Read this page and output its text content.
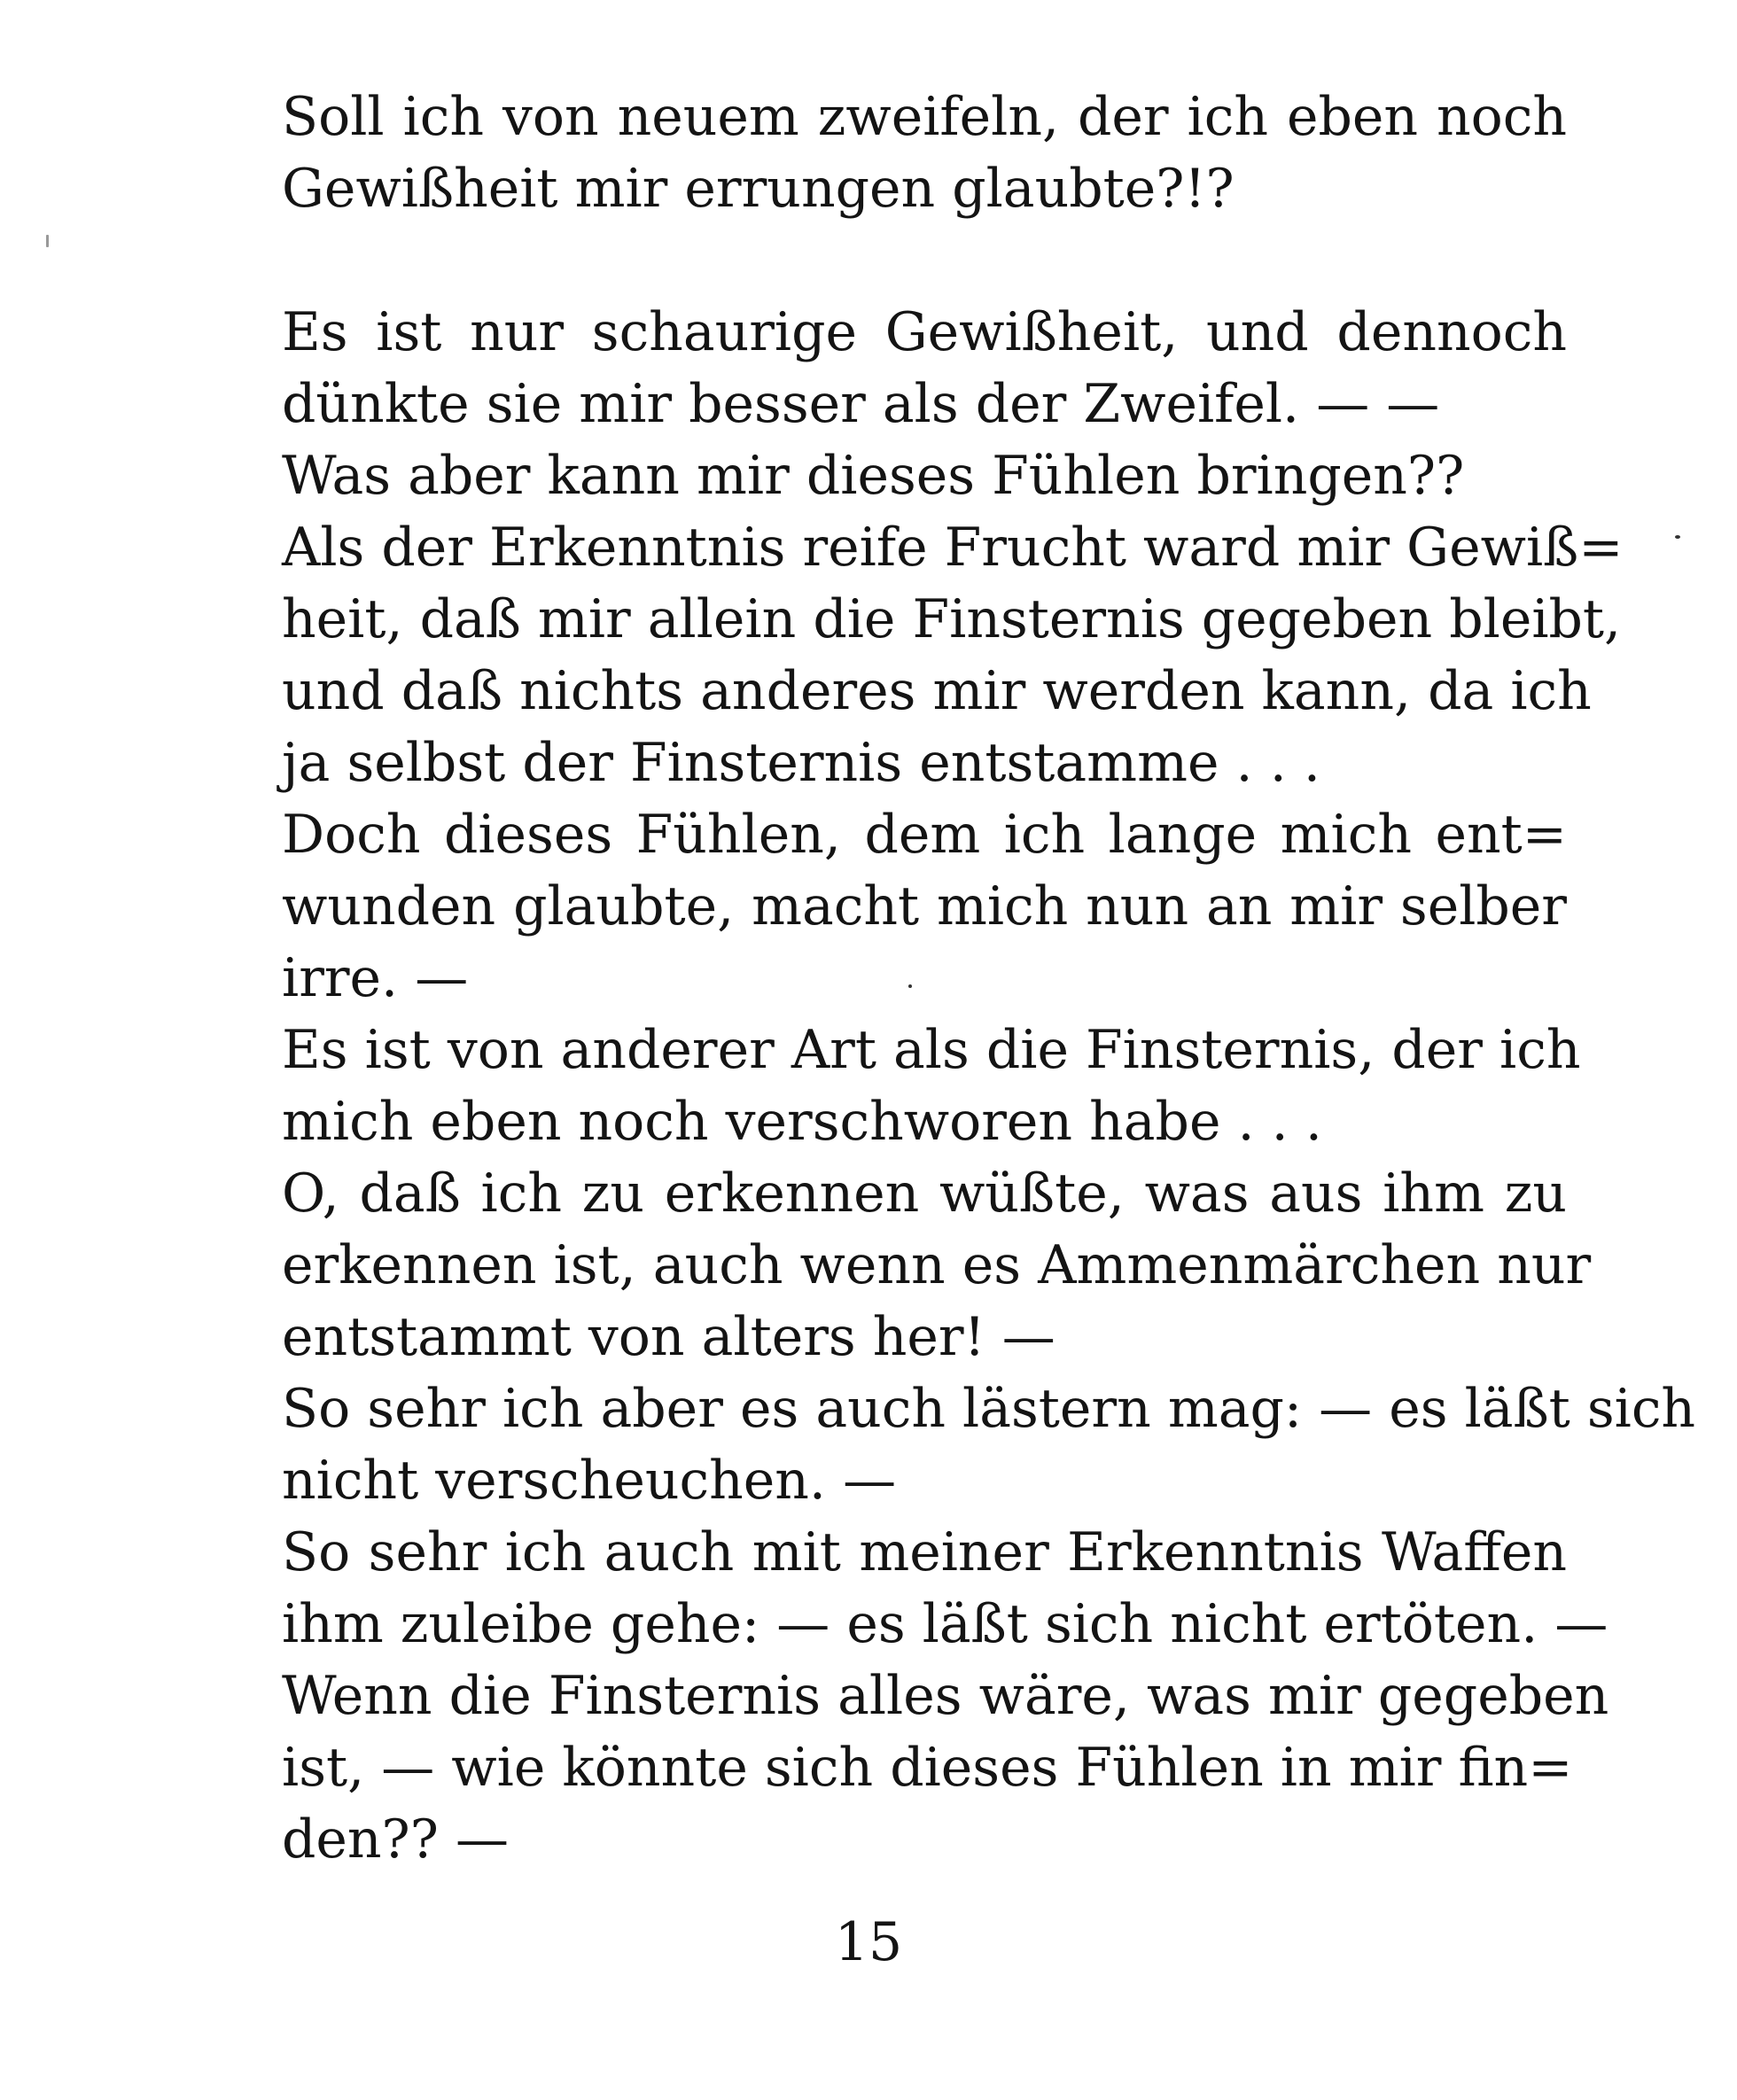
Soll ich von neuem zweifeln, der ich eben noch
Gewißheit mir errungen glaubte?!?
Es ist nur schaurige Gewißheit, und dennoch
dünkte sie mir besser als der Zweifel. — —
Was aber kann mir dieses Fühlen bringen??
Als der Erkenntnis reife Frucht ward mir Gewiß=
heit, daß mir allein die Finsternis gegeben bleibt,
und daß nichts anderes mir werden kann, da ich
ja selbst der Finsternis entstamme . . .
Doch dieses Fühlen, dem ich lange mich ent=
wunden glaubte, macht mich nun an mir selber
irre. —
Es ist von anderer Art als die Finsternis, der ich
mich eben noch verschworen habe . . .
O, daß ich zu erkennen wüßte, was aus ihm zu
erkennen ist, auch wenn es Ammenmärchen nur
entstammt von alters her! —
So sehr ich aber es auch lästern mag: — es läßt sich
nicht verscheuchen. —
So sehr ich auch mit meiner Erkenntnis Waffen
ihm zuleibe gehe: — es läßt sich nicht ertöten. —
Wenn die Finsternis alles wäre, was mir gegeben
ist, — wie könnte sich dieses Fühlen in mir fin=
den?? —
15
